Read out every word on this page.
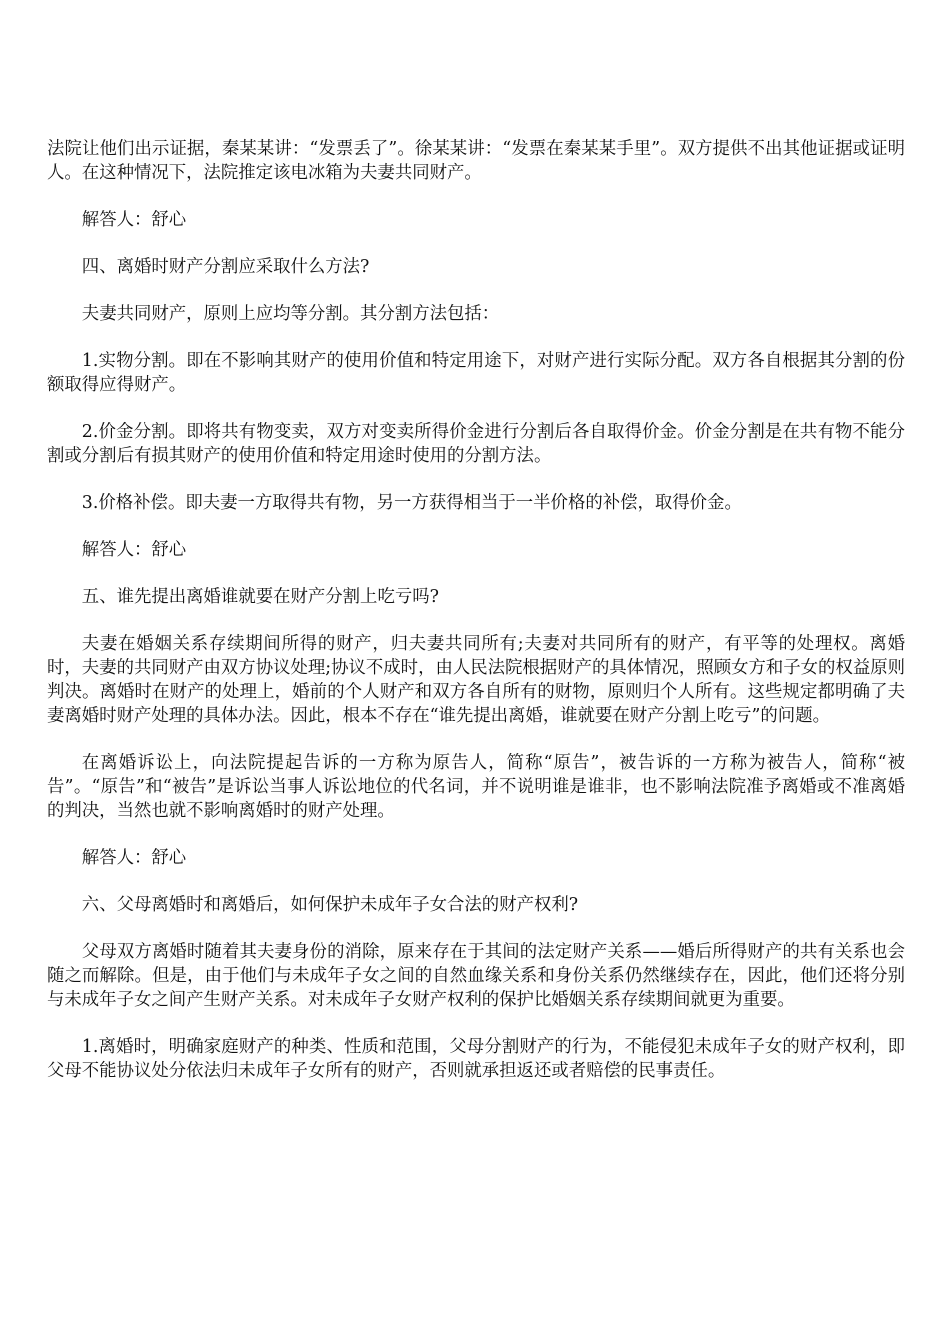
法院让他们出示证据，秦某某讲：“发票丢了”。徐某某讲：“发票在秦某某手里”。双方提供不出其他证据或证明人。在这种情况下，法院推定该电冰箱为夫妻共同财产。

解答人：舒心

四、离婚时财产分割应采取什么方法?

夫妻共同财产，原则上应均等分割。其分割方法包括：

1.实物分割。即在不影响其财产的使用价值和特定用途下，对财产进行实际分配。双方各自根据其分割的份额取得应得财产。

2.价金分割。即将共有物变卖，双方对变卖所得价金进行分割后各自取得价金。价金分割是在共有物不能分割或分割后有损其财产的使用价值和特定用途时使用的分割方法。

3.价格补偿。即夫妻一方取得共有物，另一方获得相当于一半价格的补偿，取得价金。

解答人：舒心

五、谁先提出离婚谁就要在财产分割上吃亏吗?

夫妻在婚姻关系存续期间所得的财产，归夫妻共同所有;夫妻对共同所有的财产，有平等的处理权。离婚时，夫妻的共同财产由双方协议处理;协议不成时，由人民法院根据财产的具体情况，照顾女方和子女的权益原则判决。离婚时在财产的处理上，婚前的个人财产和双方各自所有的财物，原则归个人所有。这些规定都明确了夫妻离婚时财产处理的具体办法。因此，根本不存在“谁先提出离婚，谁就要在财产分割上吃亏”的问题。

在离婚诉讼上，向法院提起告诉的一方称为原告人，简称“原告”，被告诉的一方称为被告人，简称“被告”。“原告”和“被告”是诉讼当事人诉讼地位的代名词，并不说明谁是谁非，也不影响法院准予离婚或不准离婚的判决，当然也就不影响离婚时的财产处理。

解答人：舒心

六、父母离婚时和离婚后，如何保护未成年子女合法的财产权利?

父母双方离婚时随着其夫妻身份的消除，原来存在于其间的法定财产关系——婚后所得财产的共有关系也会随之而解除。但是，由于他们与未成年子女之间的自然血缘关系和身份关系仍然继续存在，因此，他们还将分别与未成年子女之间产生财产关系。对未成年子女财产权利的保护比婚姻关系存续期间就更为重要。

1.离婚时，明确家庭财产的种类、性质和范围，父母分割财产的行为，不能侵犯未成年子女的财产权利，即父母不能协议处分依法归未成年子女所有的财产，否则就承担返还或者赔偿的民事责任。
